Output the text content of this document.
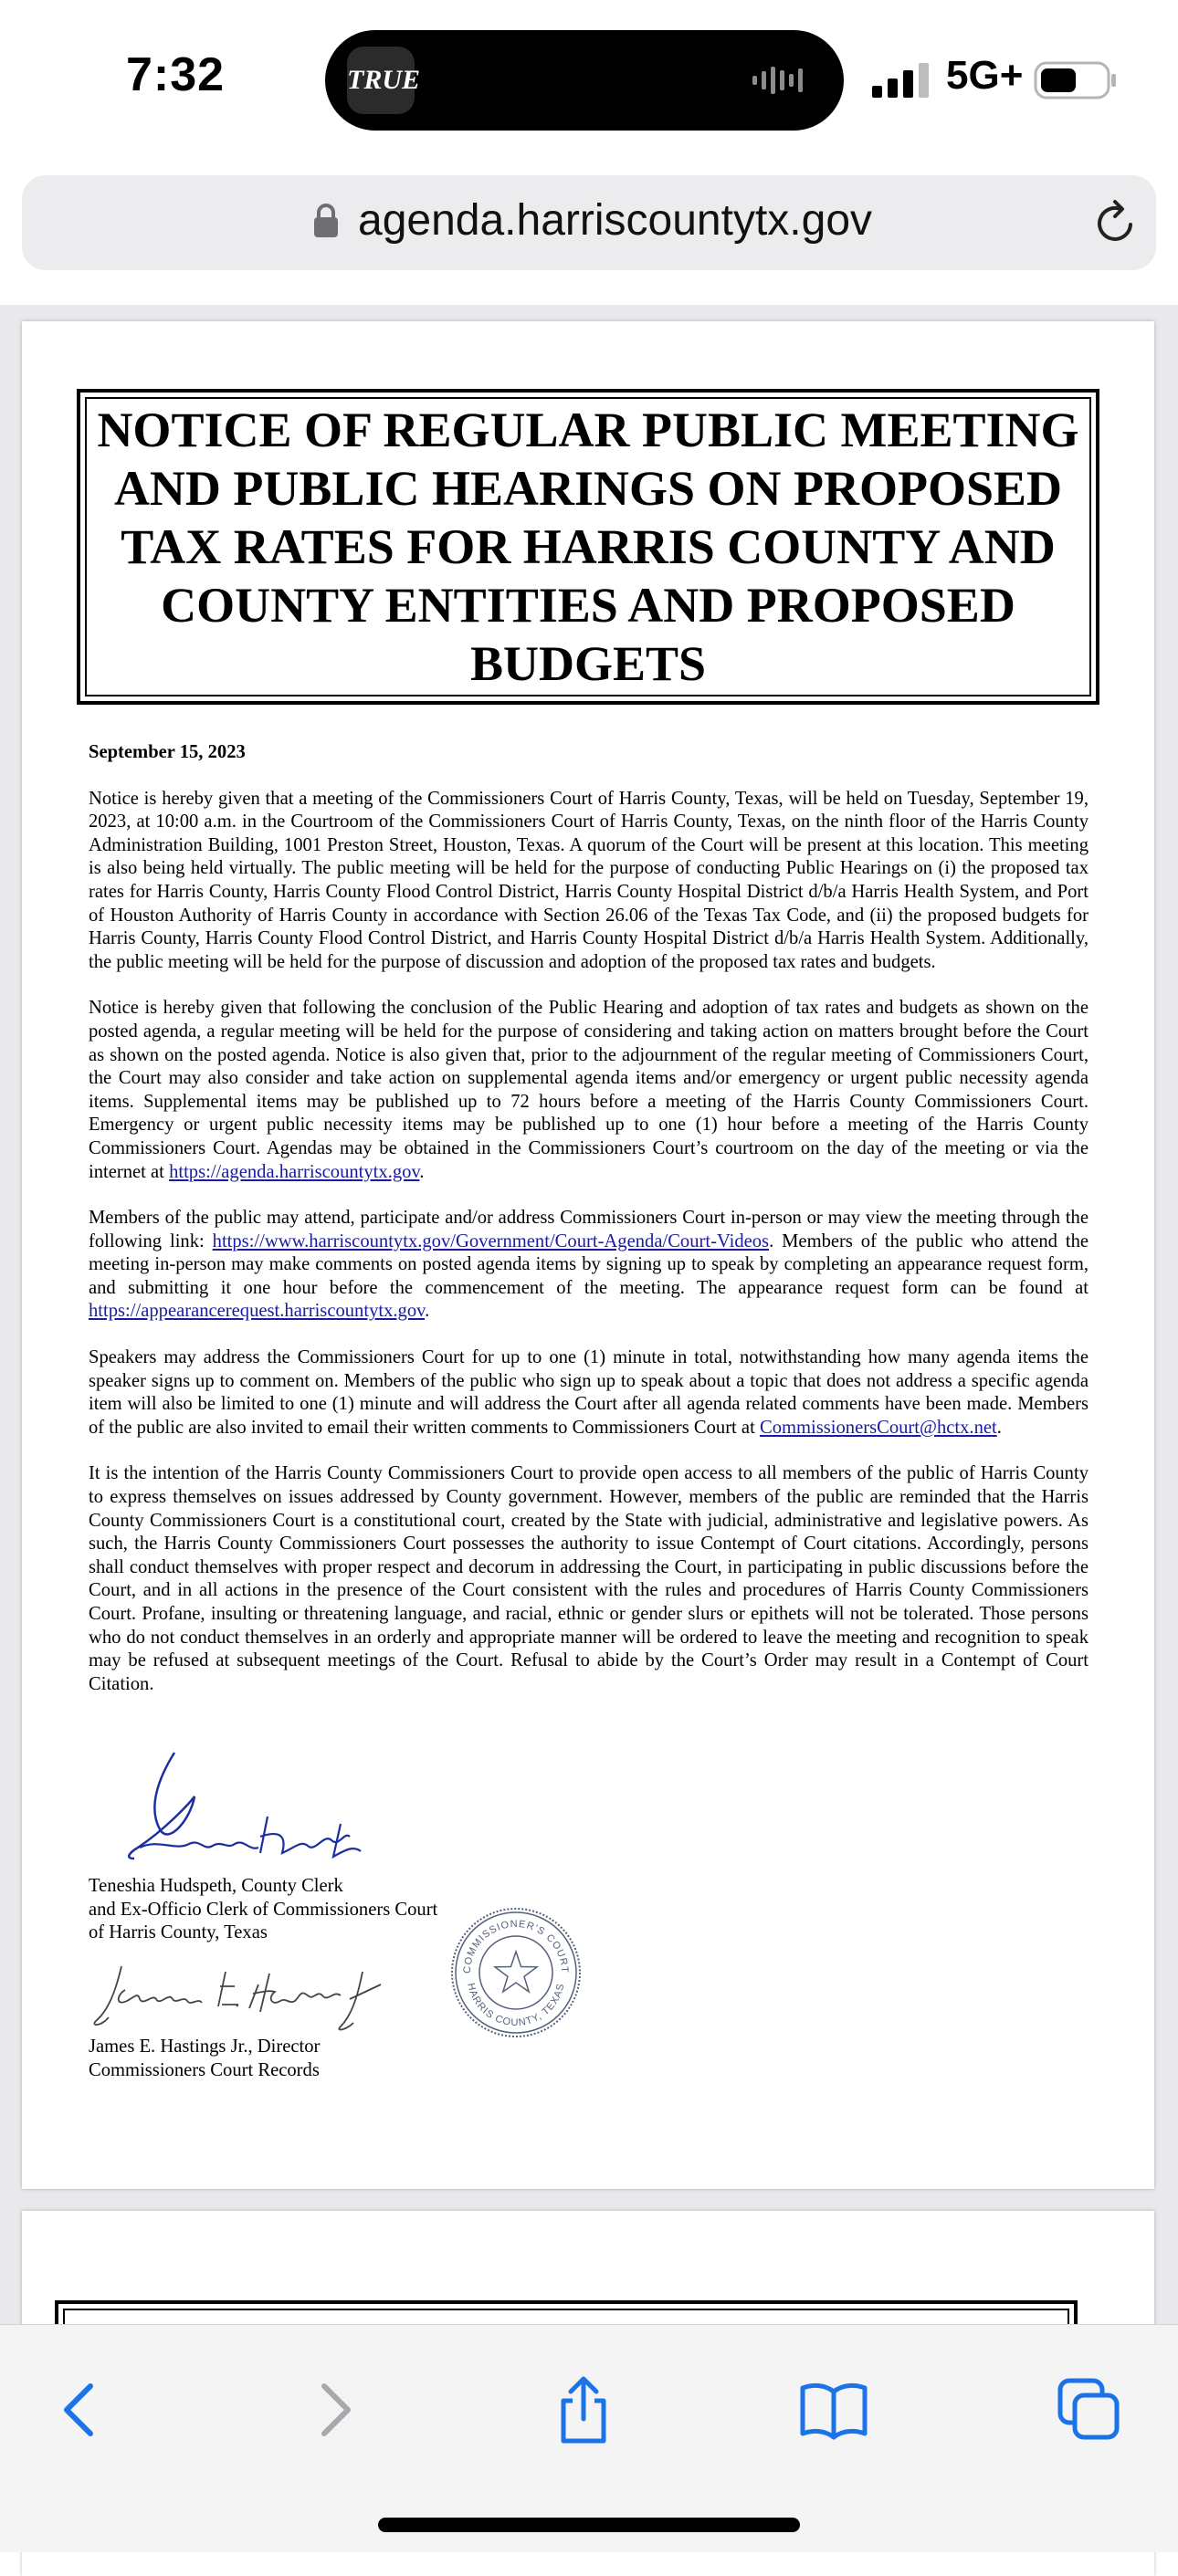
7:32	TRUE	5G+
agenda.harriscountytx.gov
NOTICE OF REGULAR PUBLIC MEETING AND PUBLIC HEARINGS ON PROPOSED TAX RATES FOR HARRIS COUNTY AND COUNTY ENTITIES AND PROPOSED BUDGETS
September 15, 2023

Notice is hereby given that a meeting of the Commissioners Court of Harris County, Texas, will be held on Tuesday, September 19, 2023, at 10:00 a.m. in the Courtroom of the Commissioners Court of Harris County, Texas, on the ninth floor of the Harris County Administration Building, 1001 Preston Street, Houston, Texas. A quorum of the Court will be present at this location. This meeting is also being held virtually. The public meeting will be held for the purpose of conducting Public Hearings on (i) the proposed tax rates for Harris County, Harris County Flood Control District, Harris County Hospital District d/b/a Harris Health System, and Port of Houston Authority of Harris County in accordance with Section 26.06 of the Texas Tax Code, and (ii) the proposed budgets for Harris County, Harris County Flood Control District, and Harris County Hospital District d/b/a Harris Health System. Additionally, the public meeting will be held for the purpose of discussion and adoption of the proposed tax rates and budgets.

Notice is hereby given that following the conclusion of the Public Hearing and adoption of tax rates and budgets as shown on the posted agenda, a regular meeting will be held for the purpose of considering and taking action on matters brought before the Court as shown on the posted agenda. Notice is also given that, prior to the adjournment of the regular meeting of Commissioners Court, the Court may also consider and take action on supplemental agenda items and/or emergency or urgent public necessity agenda items. Supplemental items may be published up to 72 hours before a meeting of the Harris County Commissioners Court. Emergency or urgent public necessity items may be published up to one (1) hour before a meeting of the Harris County Commissioners Court. Agendas may be obtained in the Commissioners Court’s courtroom on the day of the meeting or via the internet at https://agenda.harriscountytx.gov.

Members of the public may attend, participate and/or address Commissioners Court in-person or may view the meeting through the following link: https://www.harriscountytx.gov/Government/Court-Agenda/Court-Videos. Members of the public who attend the meeting in-person may make comments on posted agenda items by signing up to speak by completing an appearance request form, and submitting it one hour before the commencement of the meeting. The appearance request form can be found at https://appearancerequest.harriscountytx.gov.

Speakers may address the Commissioners Court for up to one (1) minute in total, notwithstanding how many agenda items the speaker signs up to comment on. Members of the public who sign up to speak about a topic that does not address a specific agenda item will also be limited to one (1) minute and will address the Court after all agenda related comments have been made. Members of the public are also invited to email their written comments to Commissioners Court at CommissionersCourt@hctx.net.

It is the intention of the Harris County Commissioners Court to provide open access to all members of the public of Harris County to express themselves on issues addressed by County government. However, members of the public are reminded that the Harris County Commissioners Court is a constitutional court, created by the State with judicial, administrative and legislative powers. As such, the Harris County Commissioners Court possesses the authority to issue Contempt of Court citations. Accordingly, persons shall conduct themselves with proper respect and decorum in addressing the Court, in participating in public discussions before the Court, and in all actions in the presence of the Court consistent with the rules and procedures of Harris County Commissioners Court. Profane, insulting or threatening language, and racial, ethnic or gender slurs or epithets will not be tolerated. Those persons who do not conduct themselves in an orderly and appropriate manner will be ordered to leave the meeting and recognition to speak may be refused at subsequent meetings of the Court. Refusal to abide by the Court’s Order may result in a Contempt of Court Citation.

Teneshia Hudspeth, County Clerk
and Ex-Officio Clerk of Commissioners Court
of Harris County, Texas
James E. Hastings Jr., Director
Commissioners Court Records
COMMISSIONER'S COURT
HARRIS COUNTY, TEXAS
